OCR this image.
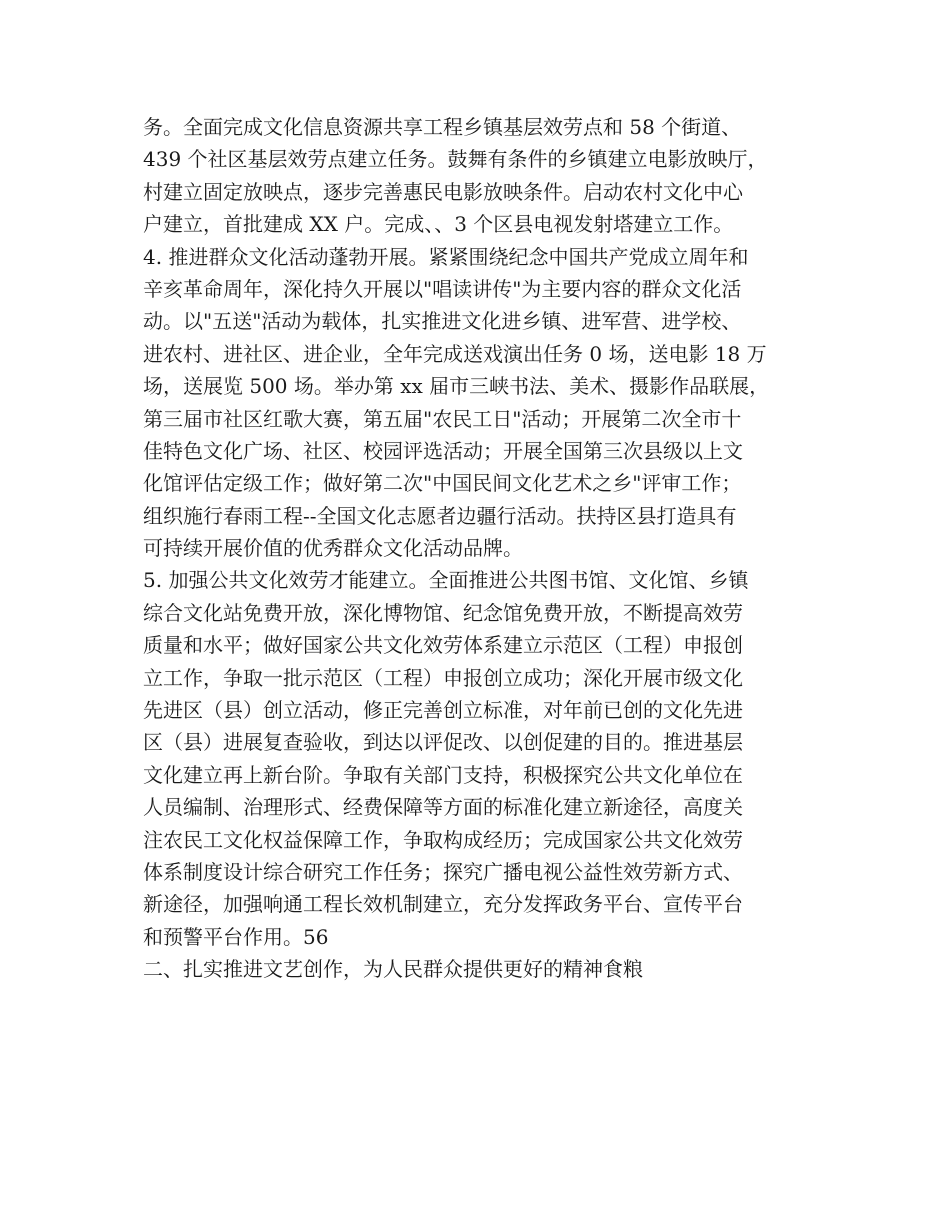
务。全面完成文化信息资源共享工程乡镇基层效劳点和 58 个街道、
439 个社区基层效劳点建立任务。鼓舞有条件的乡镇建立电影放映厅，
村建立固定放映点，逐步完善惠民电影放映条件。启动农村文化中心
户建立，首批建成 XX 户。完成、、3 个区县电视发射塔建立工作。
4. 推进群众文化活动蓬勃开展。紧紧围绕纪念中国共产党成立周年和
辛亥革命周年，深化持久开展以"唱读讲传"为主要内容的群众文化活
动。以"五送"活动为载体，扎实推进文化进乡镇、进军营、进学校、
进农村、进社区、进企业，全年完成送戏演出任务 0 场，送电影 18 万
场，送展览 500 场。举办第 xx 届市三峡书法、美术、摄影作品联展，
第三届市社区红歌大赛，第五届"农民工日"活动；开展第二次全市十
佳特色文化广场、社区、校园评选活动；开展全国第三次县级以上文
化馆评估定级工作；做好第二次"中国民间文化艺术之乡"评审工作；
组织施行春雨工程--全国文化志愿者边疆行活动。扶持区县打造具有
可持续开展价值的优秀群众文化活动品牌。
5. 加强公共文化效劳才能建立。全面推进公共图书馆、文化馆、乡镇
综合文化站免费开放，深化博物馆、纪念馆免费开放，不断提高效劳
质量和水平；做好国家公共文化效劳体系建立示范区（工程）申报创
立工作，争取一批示范区（工程）申报创立成功；深化开展市级文化
先进区（县）创立活动，修正完善创立标准，对年前已创的文化先进
区（县）进展复查验收，到达以评促改、以创促建的目的。推进基层
文化建立再上新台阶。争取有关部门支持，积极探究公共文化单位在
人员编制、治理形式、经费保障等方面的标准化建立新途径，高度关
注农民工文化权益保障工作，争取构成经历；完成国家公共文化效劳
体系制度设计综合研究工作任务；探究广播电视公益性效劳新方式、
新途径，加强响通工程长效机制建立，充分发挥政务平台、宣传平台
和预警平台作用。56
二、扎实推进文艺创作，为人民群众提供更好的精神食粮
